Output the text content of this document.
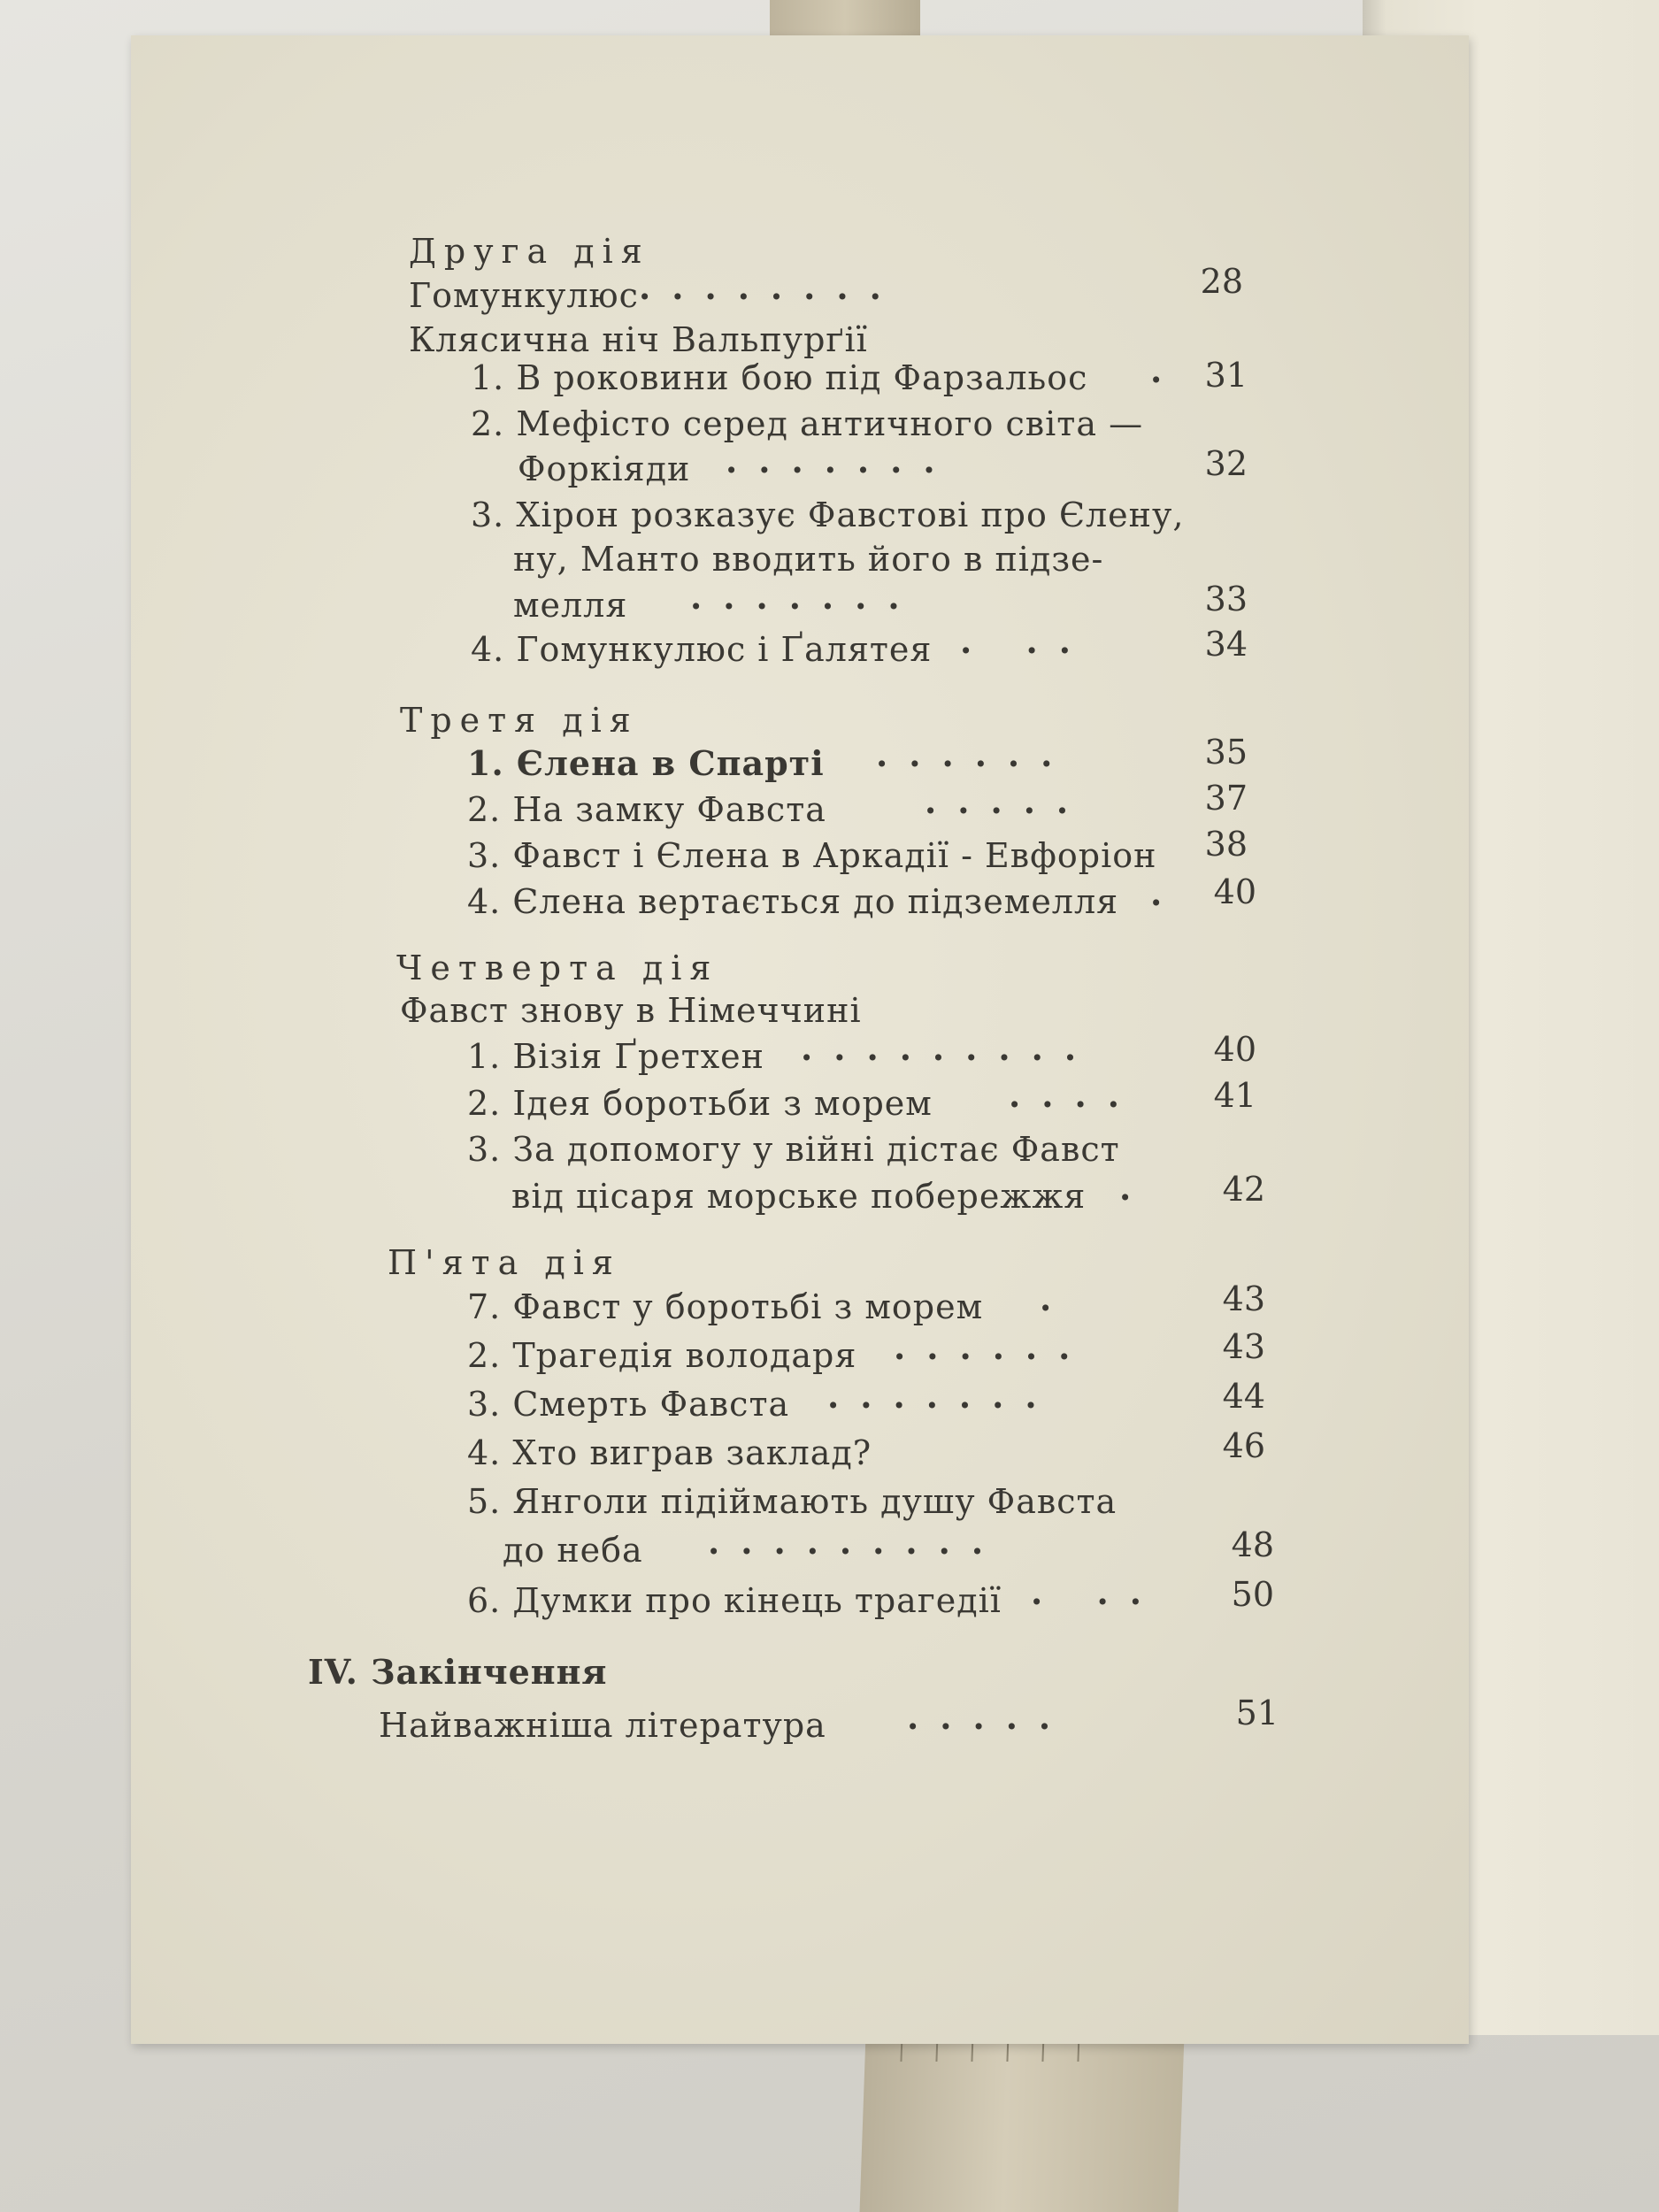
Друга дія
Гомункулюс ........	28
Клясична ніч Вальпурґії
1. В роковини бою під Фарзальос . 31
2. Мефісто серед античного світа —
Форкіяди .......	32
3. Хірон розказує Фавстові про Єлену,
ну, Манто вводить його в підзе-
мелля .......	33
4. Гомункулюс і Ґалятея . ..	34
Третя дія
1. Єлена в Спарті ......	35
2. На замку Фавста	.....	37
3. Фавст і Єлена в Аркадії - Евфоріон	38
4. Єлена вертається до підземелля . 40
Четверта дія
Фавст знову в Німеччині
1. Візія Ґретхен .........	40
2. Ідея боротьби з морем ....	41
3. За допомогу у війні дістає Фавст
від цісаря морське побережжя .	42
П'ята дія
7. Фавст у боротьбі з морем .	43
2. Трагедія володаря ......	43
3. Смерть Фавста .......	44
4. Хто виграв заклад?	46
5. Янголи підіймають душу Фавста
до неба .........	48
6. Думки про кінець трагедії . ..	50
IV. Закінчення
Найважніша література .....	51
